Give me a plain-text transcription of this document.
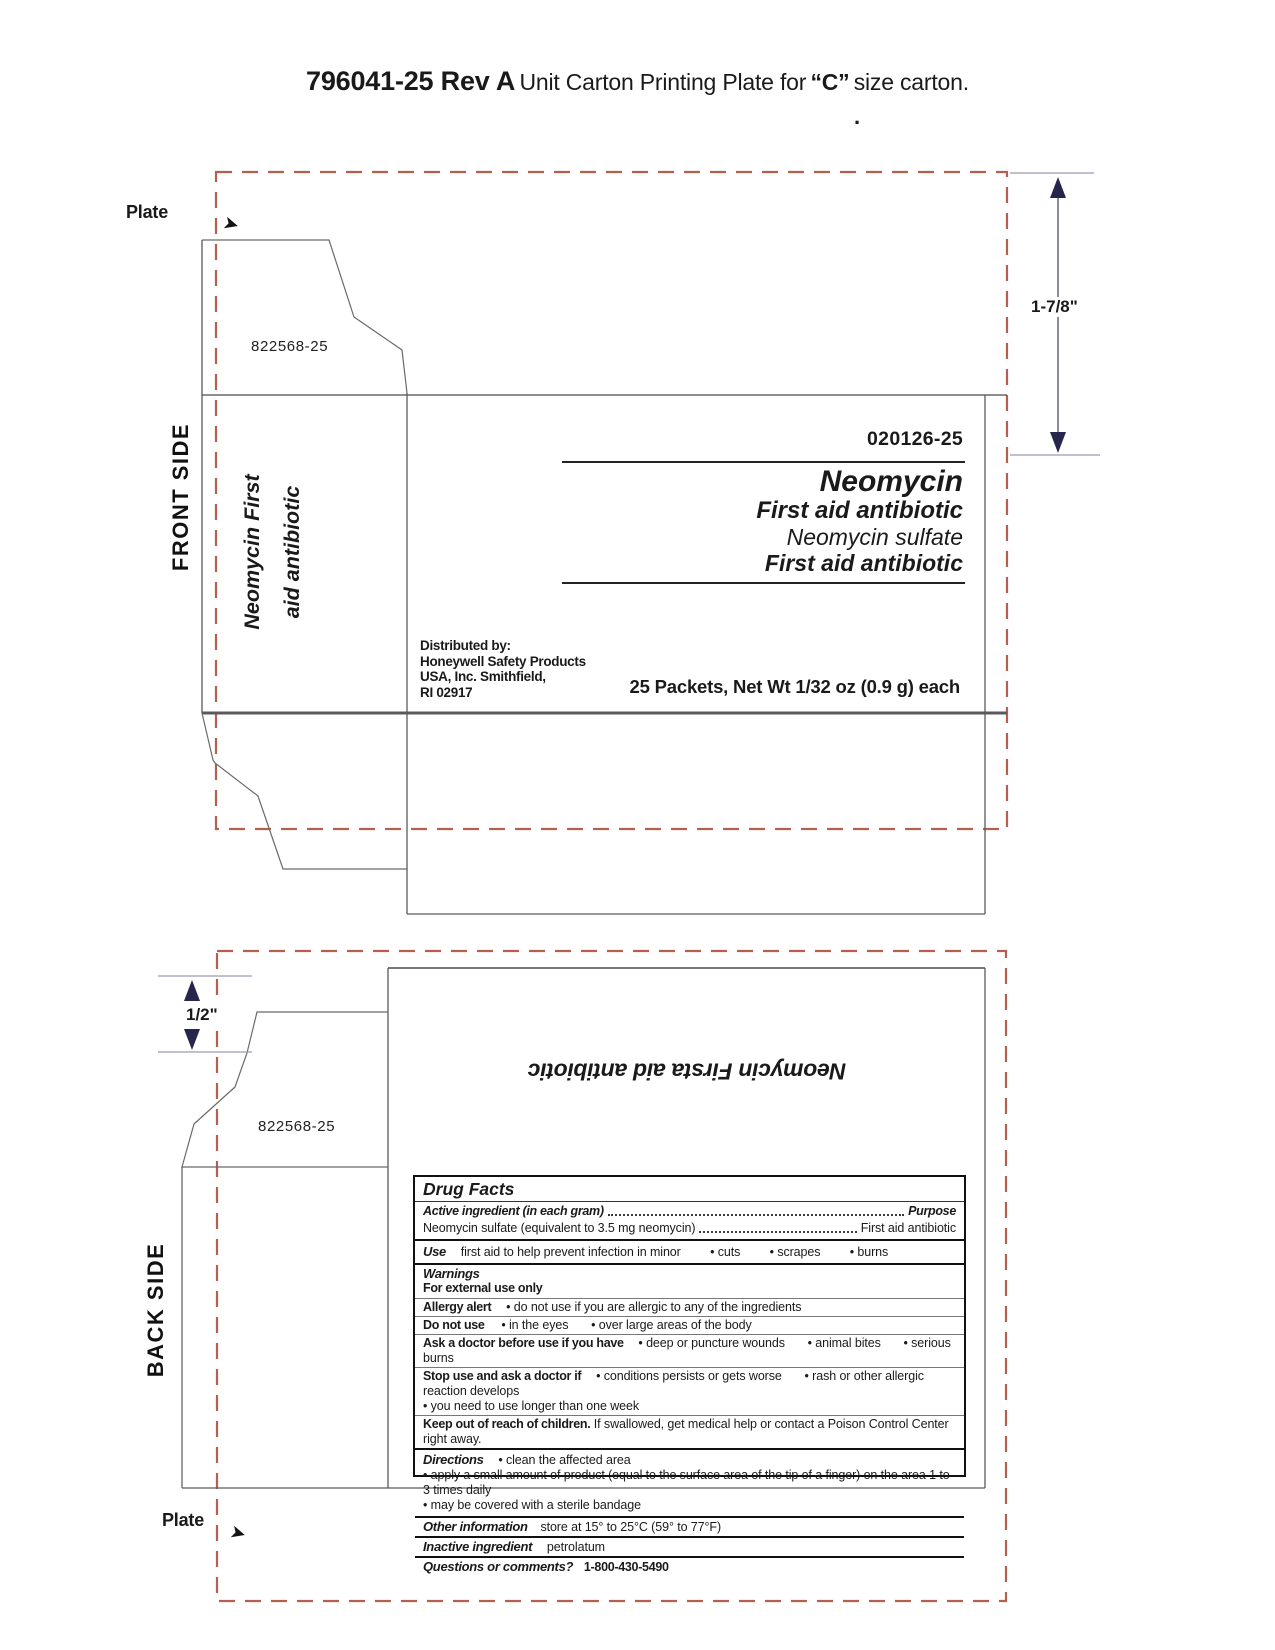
796041-25 Rev A Unit Carton Printing Plate for “C” size carton.
.
Plate
➤
822568-25
FRONT SIDE	Neomycin First aid antibiotic
020126-25
Neomycin
First aid antibiotic
Neomycin sulfate
First aid antibiotic
Distributed by:
Honeywell Safety Products
USA, Inc. Smithfield,
RI 02917	25 Packets, Net Wt 1/32 oz (0.9 g) each
1-7/8"
1/2"
822568-25
BACK SIDE
Neomycin Firsta aid antibiotic
Drug Facts
Active ingredient (in each gram)	Purpose
Neomycin sulfate (equivalent to 3.5 mg neomycin)	First aid antibiotic
Use first aid to help prevent infection in minor • cuts • scrapes • burns
Warnings
For external use only
Allergy alert • do not use if you are allergic to any of the ingredients
Do not use • in the eyes • over large areas of the body
Ask a doctor before use if you have • deep or puncture wounds • animal bites • serious burns
Stop use and ask a doctor if • conditions persists or gets worse • rash or other allergic reaction develops
• you need to use longer than one week
Keep out of reach of children. If swallowed, get medical help or contact a Poison Control Center right away.
Directions • clean the affected area
• apply a small amount of product (equal to the surface area of the tip of a finger) on the area 1 to 3 times daily
• may be covered with a sterile bandage
Other information store at 15° to 25°C (59° to 77°F)
Inactive ingredient petrolatum
Questions or comments? 1-800-430-5490
Plate
➤
